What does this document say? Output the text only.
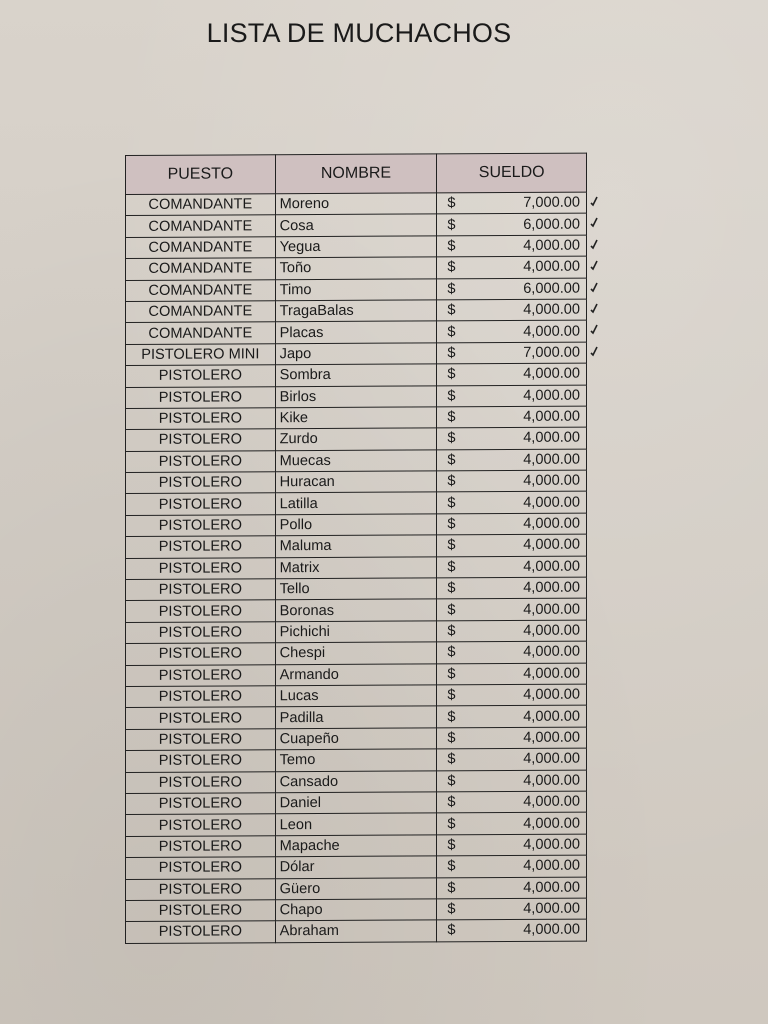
LISTA DE MUCHACHOS
PUESTO	NOMBRE	SUELDO
COMANDANTE	Moreno	$ 7,000.00

COMANDANTE	Cosa	$ 6,000.00

COMANDANTE	Yegua	$ 4,000.00

COMANDANTE	Toño	$ 4,000.00

COMANDANTE	Timo	$ 6,000.00

COMANDANTE	TragaBalas	$ 4,000.00

COMANDANTE	Placas	$ 4,000.00

PISTOLERO MINI	Japo	$ 7,000.00

PISTOLERO	Sombra	$ 4,000.00

PISTOLERO	Birlos	$ 4,000.00

PISTOLERO	Kike	$ 4,000.00

PISTOLERO	Zurdo	$ 4,000.00

PISTOLERO	Muecas	$ 4,000.00

PISTOLERO	Huracan	$ 4,000.00

PISTOLERO	Latilla	$ 4,000.00

PISTOLERO	Pollo	$ 4,000.00

PISTOLERO	Maluma	$ 4,000.00

PISTOLERO	Matrix	$ 4,000.00

PISTOLERO	Tello	$ 4,000.00

PISTOLERO	Boronas	$ 4,000.00

PISTOLERO	Pichichi	$ 4,000.00

PISTOLERO	Chespi	$ 4,000.00

PISTOLERO	Armando	$ 4,000.00

PISTOLERO	Lucas	$ 4,000.00

PISTOLERO	Padilla	$ 4,000.00

PISTOLERO	Cuapeño	$ 4,000.00

PISTOLERO	Temo	$ 4,000.00

PISTOLERO	Cansado	$ 4,000.00

PISTOLERO	Daniel	$ 4,000.00

PISTOLERO	Leon	$ 4,000.00

PISTOLERO	Mapache	$ 4,000.00

PISTOLERO	Dólar	$ 4,000.00

PISTOLERO	Güero	$ 4,000.00

PISTOLERO	Chapo	$ 4,000.00

PISTOLERO	Abraham	$ 4,000.00
